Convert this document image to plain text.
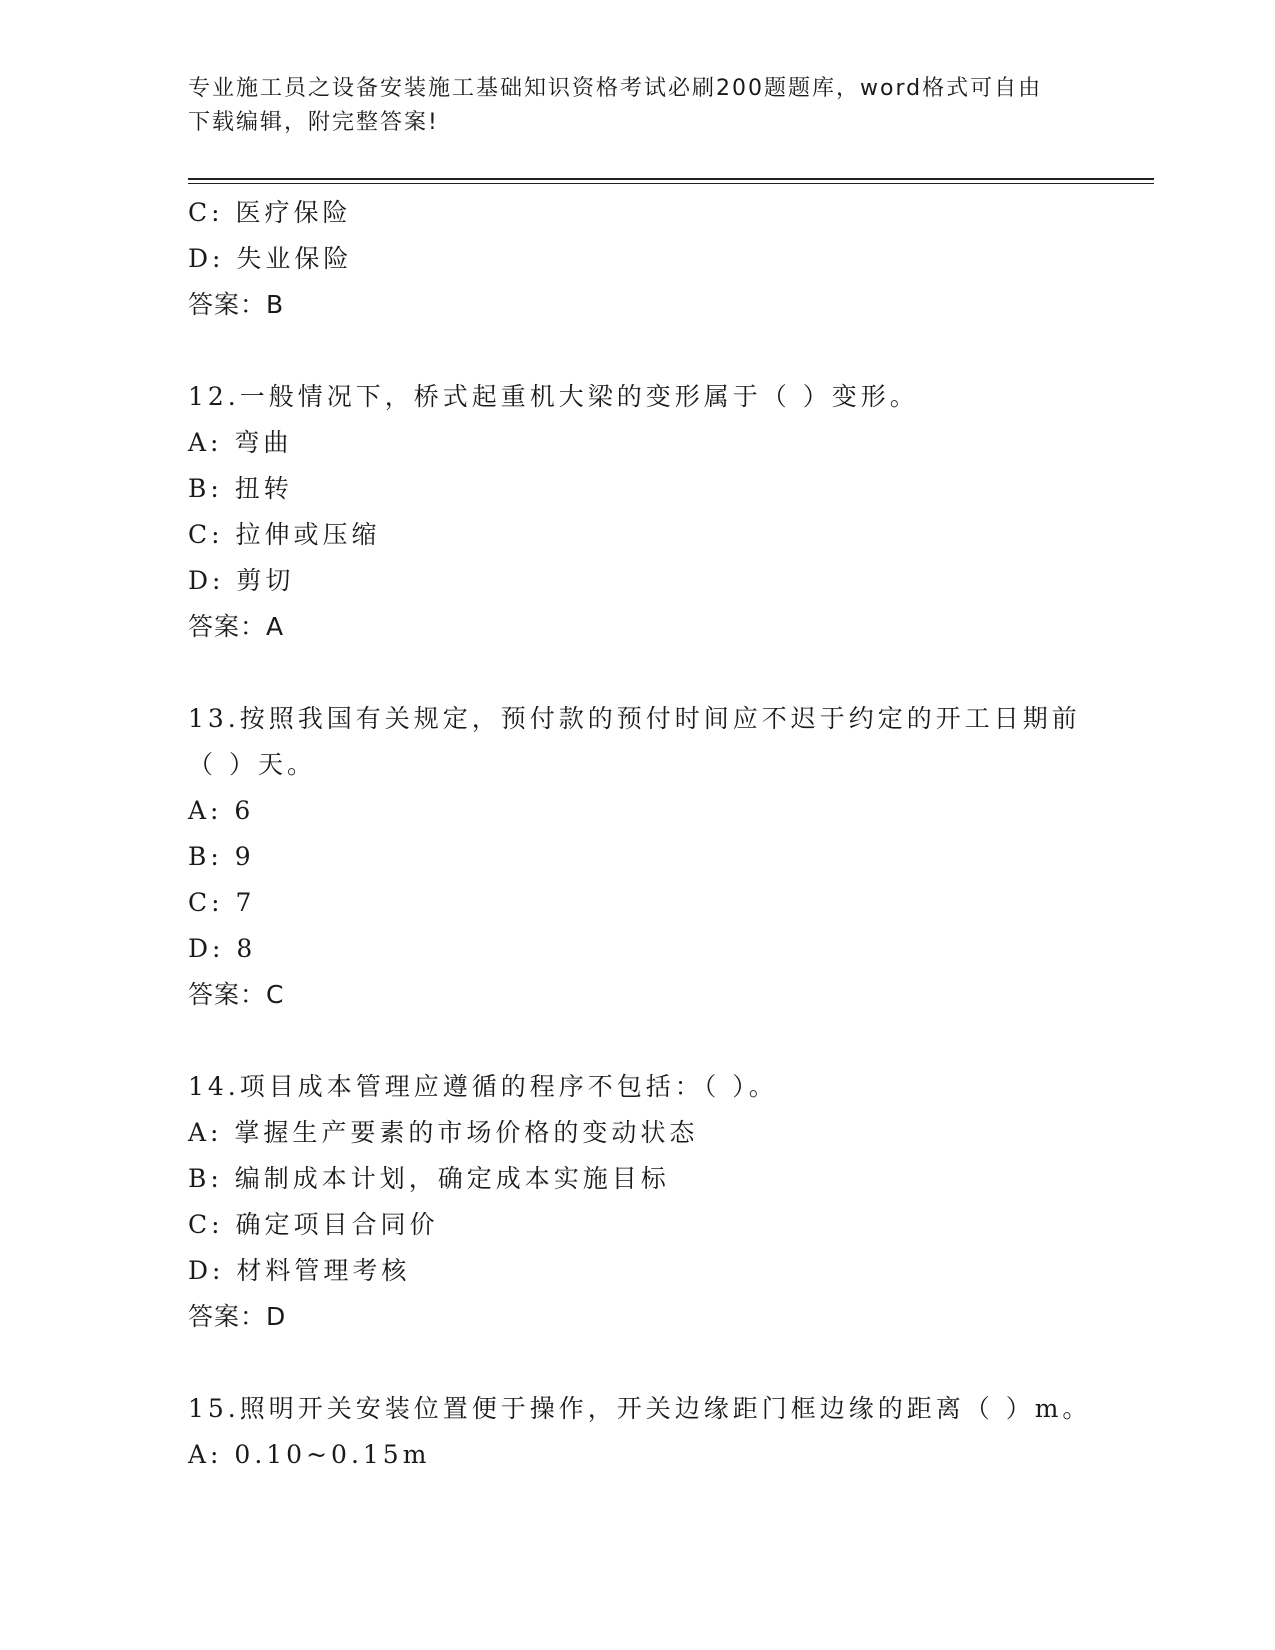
专业施工员之设备安装施工基础知识资格考试必刷200题题库，word格式可自由
下载编辑，附完整答案!
C: 医疗保险
D: 失业保险
答案：B
12.一般情况下，桥式起重机大梁的变形属于（ ）变形。
A: 弯曲
B: 扭转
C: 拉伸或压缩
D: 剪切
答案：A
13.按照我国有关规定，预付款的预付时间应不迟于约定的开工日期前
（ ）天。
A: 6
B: 9
C: 7
D: 8
答案：C
14.项目成本管理应遵循的程序不包括：（ ）。
A: 掌握生产要素的市场价格的变动状态
B: 编制成本计划，确定成本实施目标
C: 确定项目合同价
D: 材料管理考核
答案：D
15.照明开关安装位置便于操作，开关边缘距门框边缘的距离（ ）m。
A: 0.10~0.15m
